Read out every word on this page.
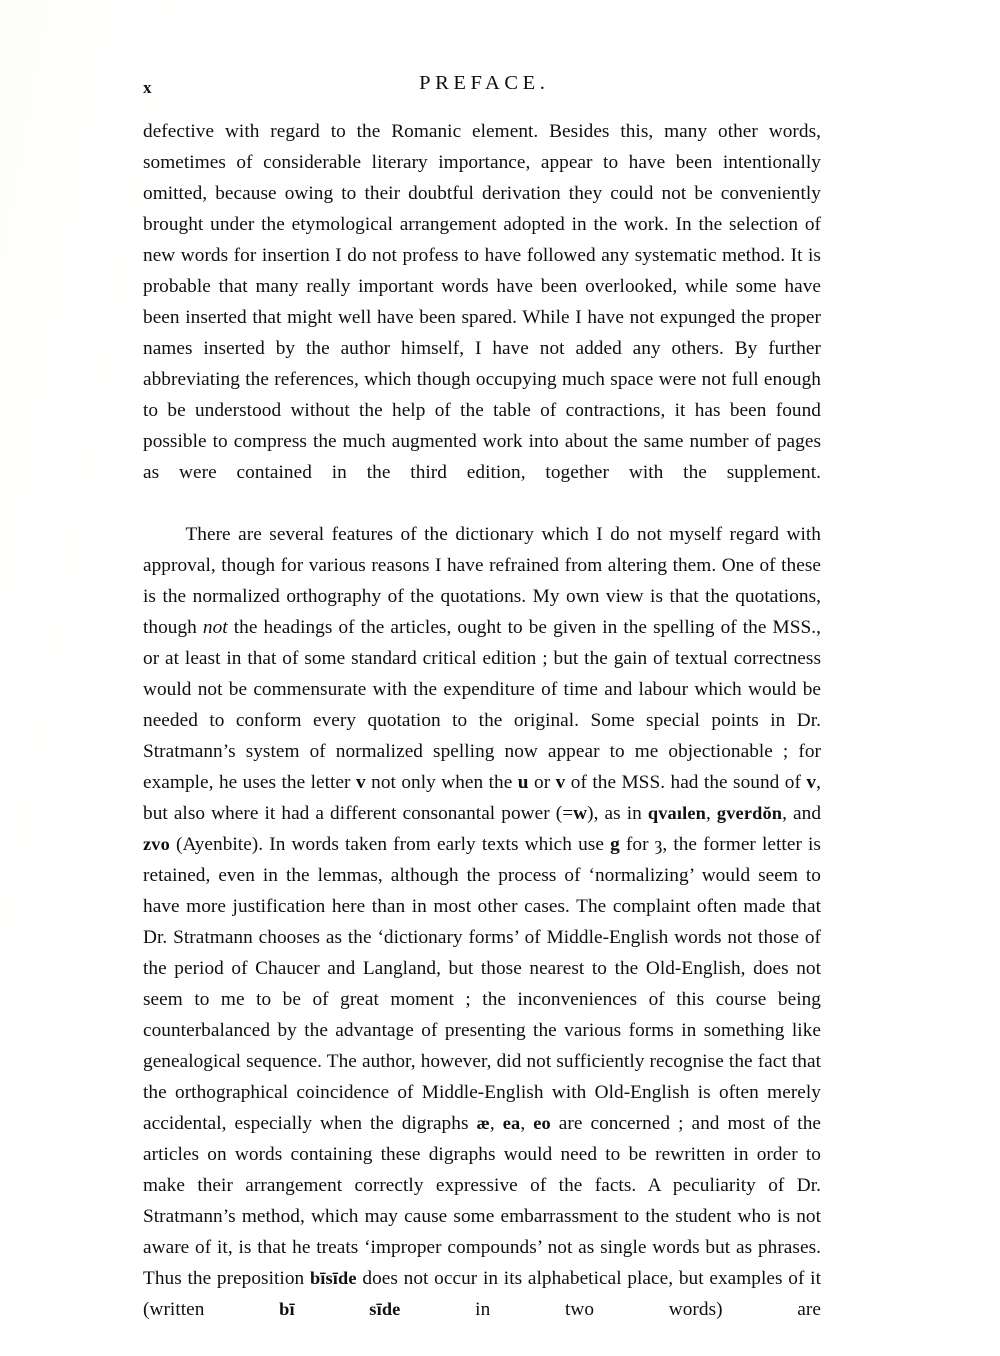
x	PREFACE.

defective with regard to the Romanic element. Besides this, many other words, sometimes of considerable literary importance, appear to have been intentionally omitted, because owing to their doubtful derivation they could not be conveniently brought under the etymological arrangement adopted in the work. In the selection of new words for insertion I do not profess to have followed any systematic method. It is probable that many really important words have been overlooked, while some have been inserted that might well have been spared. While I have not expunged the proper names inserted by the author himself, I have not added any others. By further abbreviating the references, which though occupying much space were not full enough to be understood without the help of the table of contractions, it has been found possible to compress the much augmented work into about the same number of pages as were contained in the third edition, together with the supplement.

There are several features of the dictionary which I do not myself regard with approval, though for various reasons I have refrained from altering them. One of these is the normalized orthography of the quotations. My own view is that the quotations, though not the headings of the articles, ought to be given in the spelling of the MSS., or at least in that of some standard critical edition ; but the gain of textual correctness would not be commensurate with the expenditure of time and labour which would be needed to conform every quotation to the original. Some special points in Dr. Stratmann’s system of normalized spelling now appear to me objectionable ; for example, he uses the letter v not only when the u or v of the MSS. had the sound of v, but also where it had a different consonantal power (=w), as in qvaılen, gverdŏn, and zvo (Ayenbite). In words taken from early texts which use g for ȝ, the former letter is retained, even in the lemmas, although the process of ‘normalizing’ would seem to have more justification here than in most other cases. The complaint often made that Dr. Stratmann chooses as the ‘dictionary forms’ of Middle-English words not those of the period of Chaucer and Langland, but those nearest to the Old-English, does not seem to me to be of great moment ; the inconveniences of this course being counterbalanced by the advantage of presenting the various forms in something like genealogical sequence. The author, however, did not sufficiently recognise the fact that the orthographical coincidence of Middle-English with Old-English is often merely accidental, especially when the digraphs æ, ea, eo are concerned ; and most of the articles on words containing these digraphs would need to be rewritten in order to make their arrangement correctly expressive of the facts. A peculiarity of Dr. Stratmann’s method, which may cause some embarrassment to the student who is not aware of it, is that he treats ‘improper compounds’ not as single words but as phrases. Thus the preposition bīsīde does not occur in its alphabetical place, but examples of it (written bī sīde in two words) are
